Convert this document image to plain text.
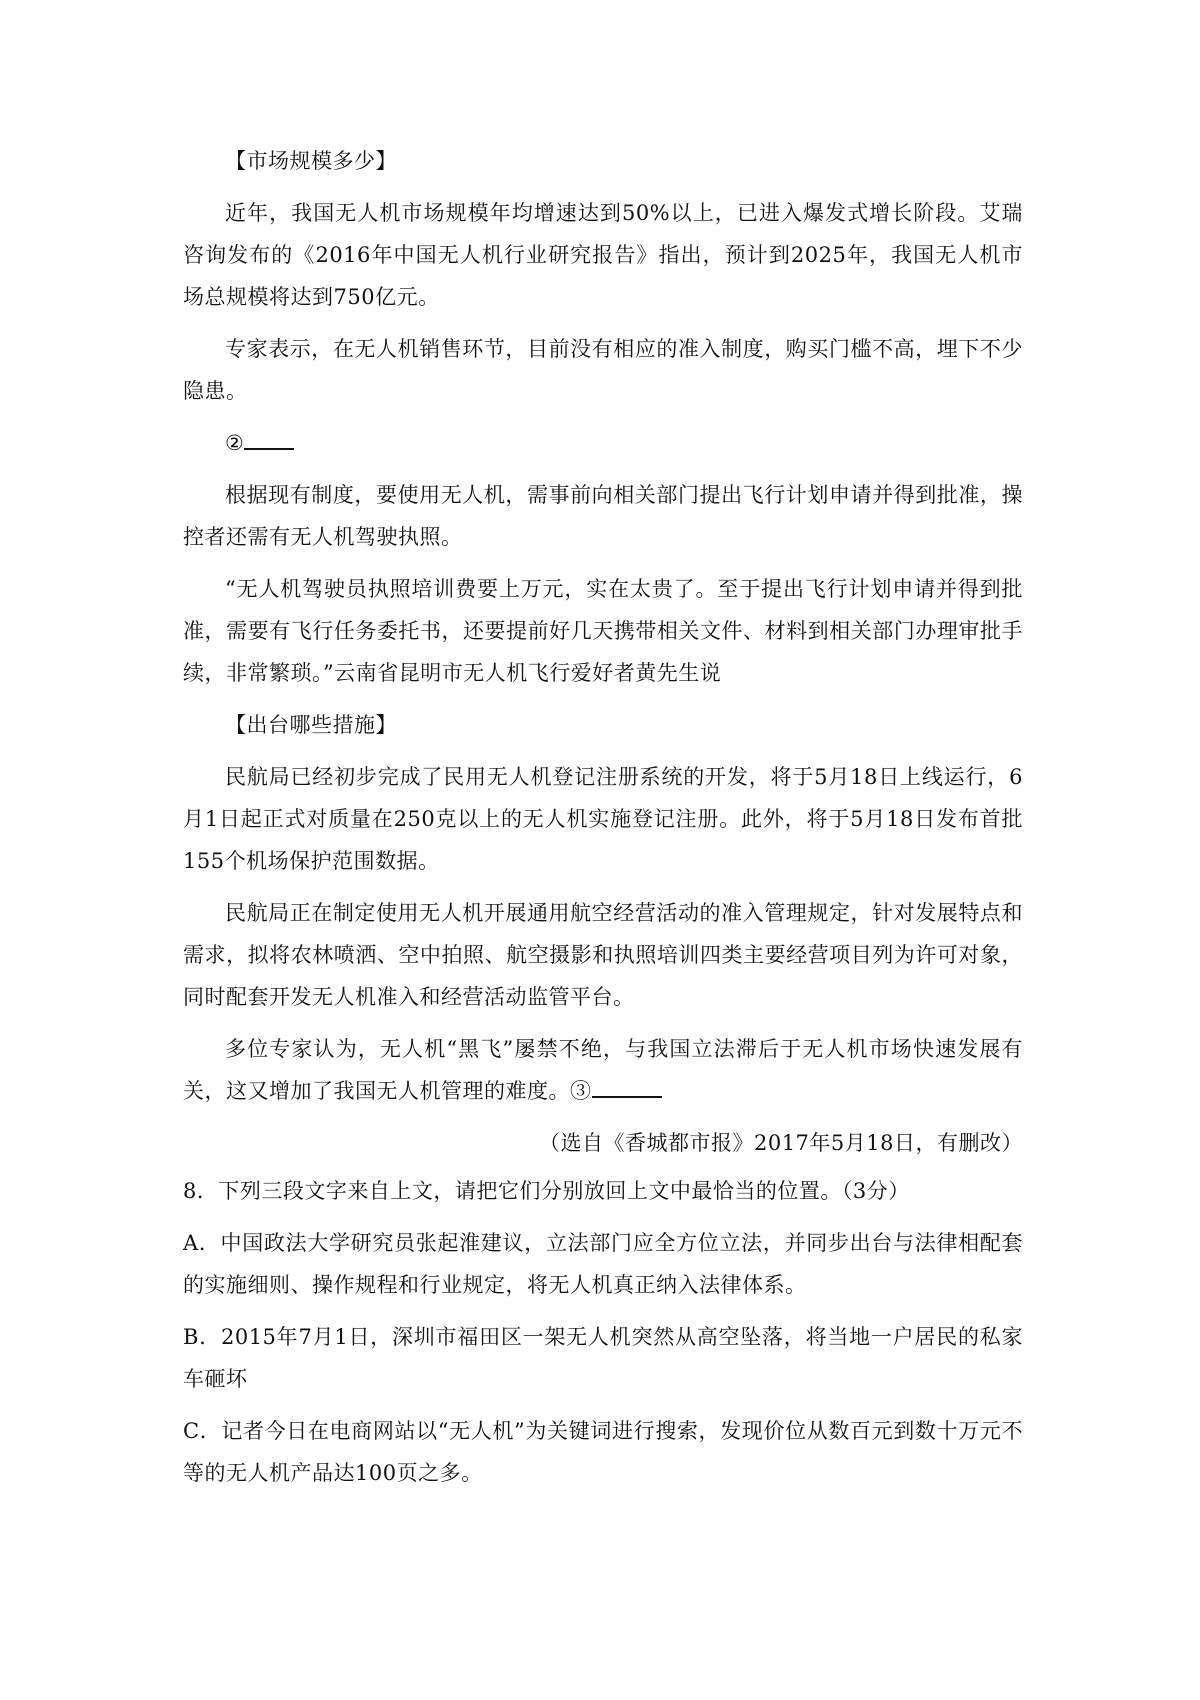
【市场规模多少】

近年，我国无人机市场规模年均增速达到50%以上，已进入爆发式增长阶段。艾瑞咨询发布的《2016年中国无人机行业研究报告》指出，预计到2025年，我国无人机市场总规模将达到750亿元。

专家表示，在无人机销售环节，目前没有相应的准入制度，购买门槛不高，埋下不少隐患。

②

根据现有制度，要使用无人机，需事前向相关部门提出飞行计划申请并得到批准，操控者还需有无人机驾驶执照。

“无人机驾驶员执照培训费要上万元，实在太贵了。至于提出飞行计划申请并得到批准，需要有飞行任务委托书，还要提前好几天携带相关文件、材料到相关部门办理审批手续，非常繁琐。”云南省昆明市无人机飞行爱好者黄先生说

【出台哪些措施】

民航局已经初步完成了民用无人机登记注册系统的开发，将于5月18日上线运行，6月1日起正式对质量在250克以上的无人机实施登记注册。此外，将于5月18日发布首批155个机场保护范围数据。

民航局正在制定使用无人机开展通用航空经营活动的准入管理规定，针对发展特点和需求，拟将农林喷洒、空中拍照、航空摄影和执照培训四类主要经营项目列为许可对象，同时配套开发无人机准入和经营活动监管平台。

多位专家认为，无人机“黑飞”屡禁不绝，与我国立法滞后于无人机市场快速发展有关，这又增加了我国无人机管理的难度。③

（选自《香城都市报》2017年5月18日，有删改）

8．下列三段文字来自上文，请把它们分别放回上文中最恰当的位置。（3分）

A．中国政法大学研究员张起淮建议，立法部门应全方位立法，并同步出台与法律相配套的实施细则、操作规程和行业规定，将无人机真正纳入法律体系。

B．2015年7月1日，深圳市福田区一架无人机突然从高空坠落，将当地一户居民的私家车砸坏

C．记者今日在电商网站以“无人机”为关键词进行搜索，发现价位从数百元到数十万元不等的无人机产品达100页之多。
